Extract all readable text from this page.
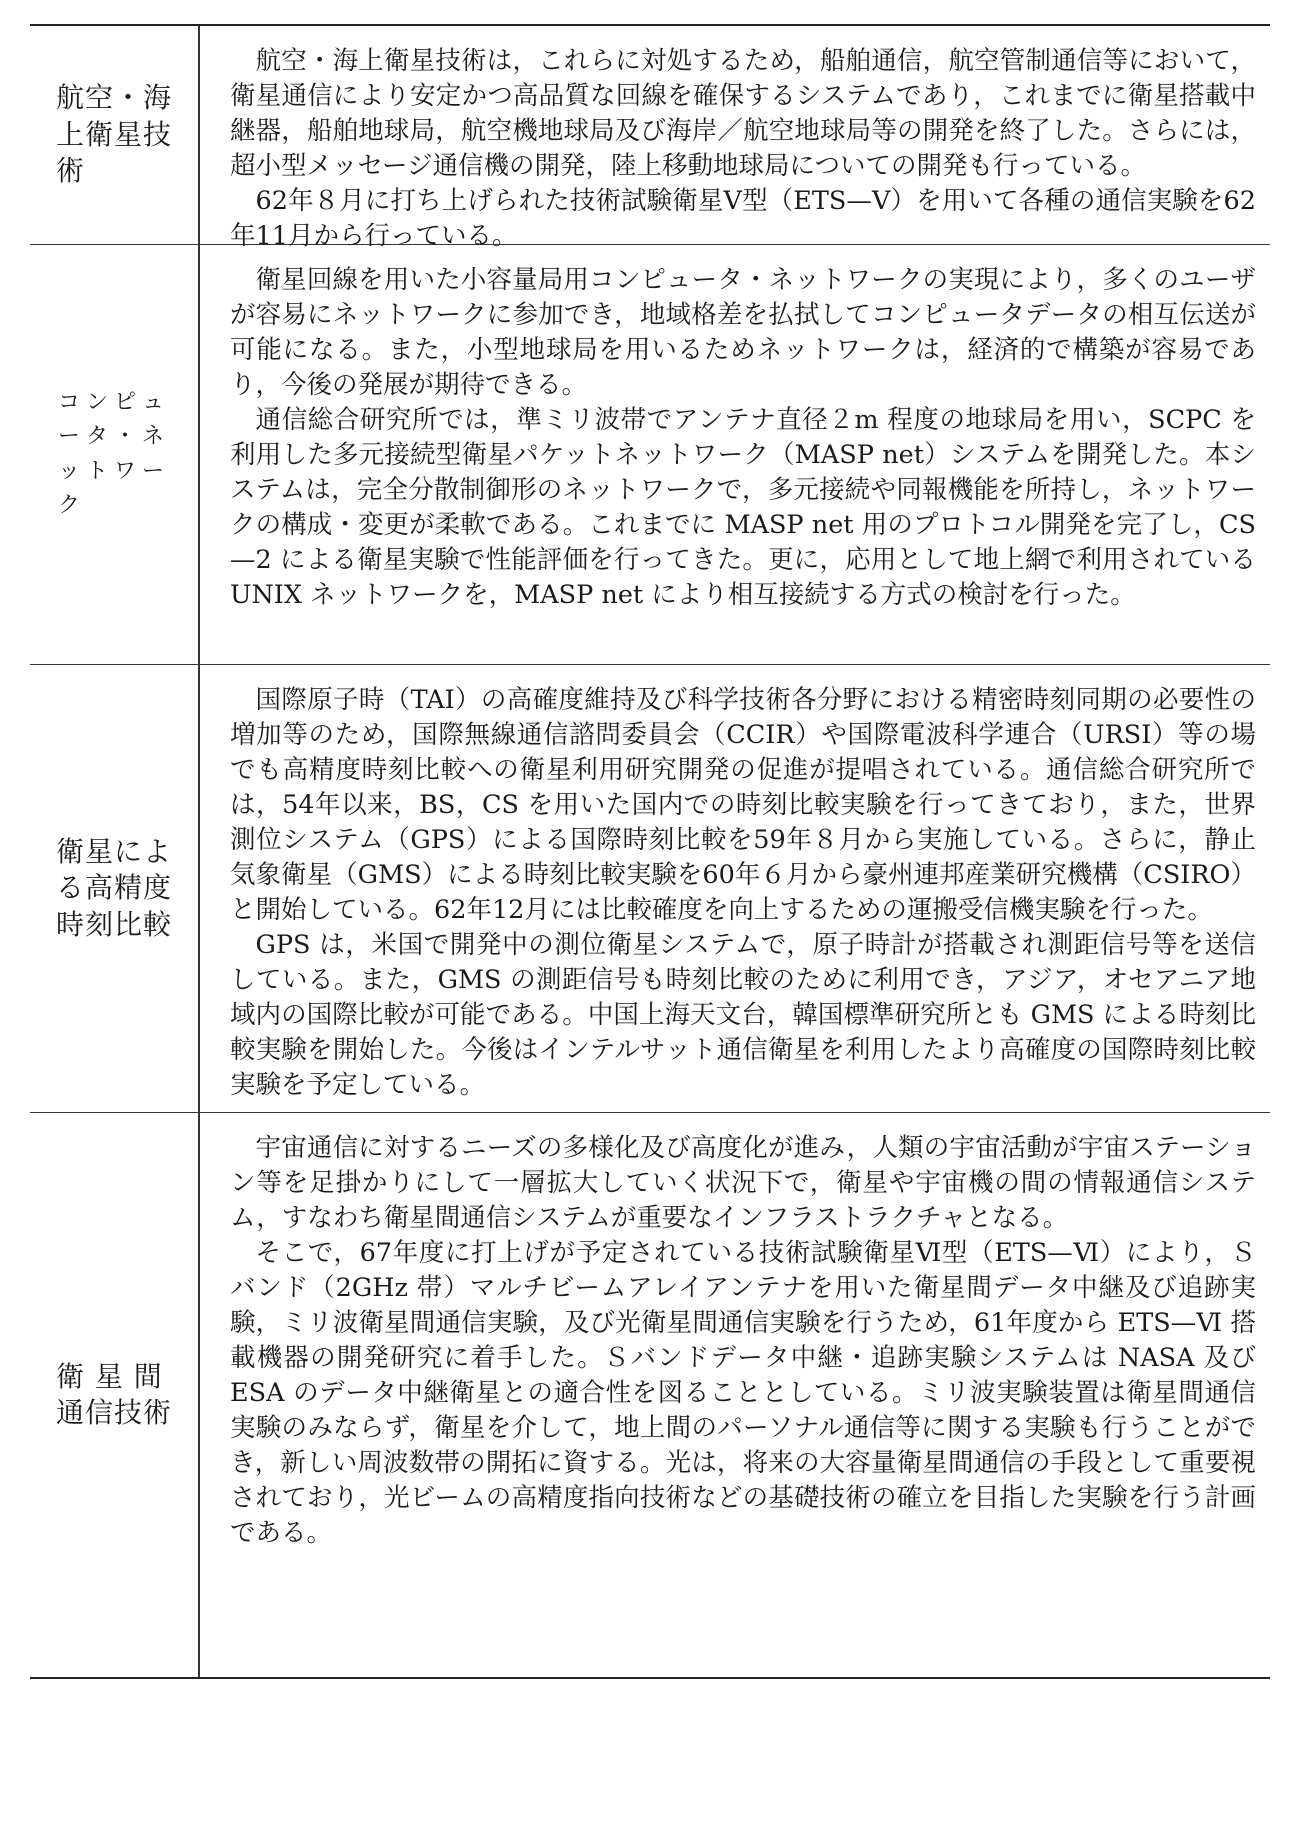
航空・海
上衛星技
術

航空・海上衛星技術は，これらに対処するため，船舶通信，航空管制通信等において，衛星通信により安定かつ高品質な回線を確保するシステムであり，これまでに衛星搭載中継器，船舶地球局，航空機地球局及び海岸／航空地球局等の開発を終了した。さらには，超小型メッセージ通信機の開発，陸上移動地球局についての開発も行っている。

62年８月に打ち上げられた技術試験衛星Ⅴ型（ETS—Ⅴ）を用いて各種の通信実験を62年11月から行っている。

コンピュ
ータ・ネ
ットワー
ク

衛星回線を用いた小容量局用コンピュータ・ネットワークの実現により，多くのユーザが容易にネットワークに参加でき，地域格差を払拭してコンピュータデータの相互伝送が可能になる。また，小型地球局を用いるためネットワークは，経済的で構築が容易であり，今後の発展が期待できる。

通信総合研究所では，準ミリ波帯でアンテナ直径２m 程度の地球局を用い，SCPC を利用した多元接続型衛星パケットネットワーク（MASP net）システムを開発した。本システムは，完全分散制御形のネットワークで，多元接続や同報機能を所持し，ネットワークの構成・変更が柔軟である。これまでに MASP net 用のプロトコル開発を完了し，CS—2 による衛星実験で性能評価を行ってきた。更に，応用として地上網で利用されている UNIX ネットワークを，MASP net により相互接続する方式の検討を行った。

衛星によ
る高精度
時刻比較

国際原子時（TAI）の高確度維持及び科学技術各分野における精密時刻同期の必要性の増加等のため，国際無線通信諮問委員会（CCIR）や国際電波科学連合（URSI）等の場でも高精度時刻比較への衛星利用研究開発の促進が提唱されている。通信総合研究所では，54年以来，BS，CS を用いた国内での時刻比較実験を行ってきており，また，世界測位システム（GPS）による国際時刻比較を59年８月から実施している。さらに，静止気象衛星（GMS）による時刻比較実験を60年６月から豪州連邦産業研究機構（CSIRO）と開始している。62年12月には比較確度を向上するための運搬受信機実験を行った。

GPS は，米国で開発中の測位衛星システムで，原子時計が搭載され測距信号等を送信している。また，GMS の測距信号も時刻比較のために利用でき，アジア，オセアニア地域内の国際比較が可能である。中国上海天文台，韓国標準研究所とも GMS による時刻比較実験を開始した。今後はインテルサット通信衛星を利用したより高確度の国際時刻比較実験を予定している。

衛 星 間
通信技術

宇宙通信に対するニーズの多様化及び高度化が進み，人類の宇宙活動が宇宙ステーション等を足掛かりにして一層拡大していく状況下で，衛星や宇宙機の間の情報通信システム，すなわち衛星間通信システムが重要なインフラストラクチャとなる。

そこで，67年度に打上げが予定されている技術試験衛星Ⅵ型（ETS—Ⅵ）により，Ｓバンド（2GHz 帯）マルチビームアレイアンテナを用いた衛星間データ中継及び追跡実験，ミリ波衛星間通信実験，及び光衛星間通信実験を行うため，61年度から ETS—Ⅵ 搭載機器の開発研究に着手した。Ｓバンドデータ中継・追跡実験システムは NASA 及び ESA のデータ中継衛星との適合性を図ることとしている。ミリ波実験装置は衛星間通信実験のみならず，衛星を介して，地上間のパーソナル通信等に関する実験も行うことができ，新しい周波数帯の開拓に資する。光は，将来の大容量衛星間通信の手段として重要視されており，光ビームの高精度指向技術などの基礎技術の確立を目指した実験を行う計画である。
